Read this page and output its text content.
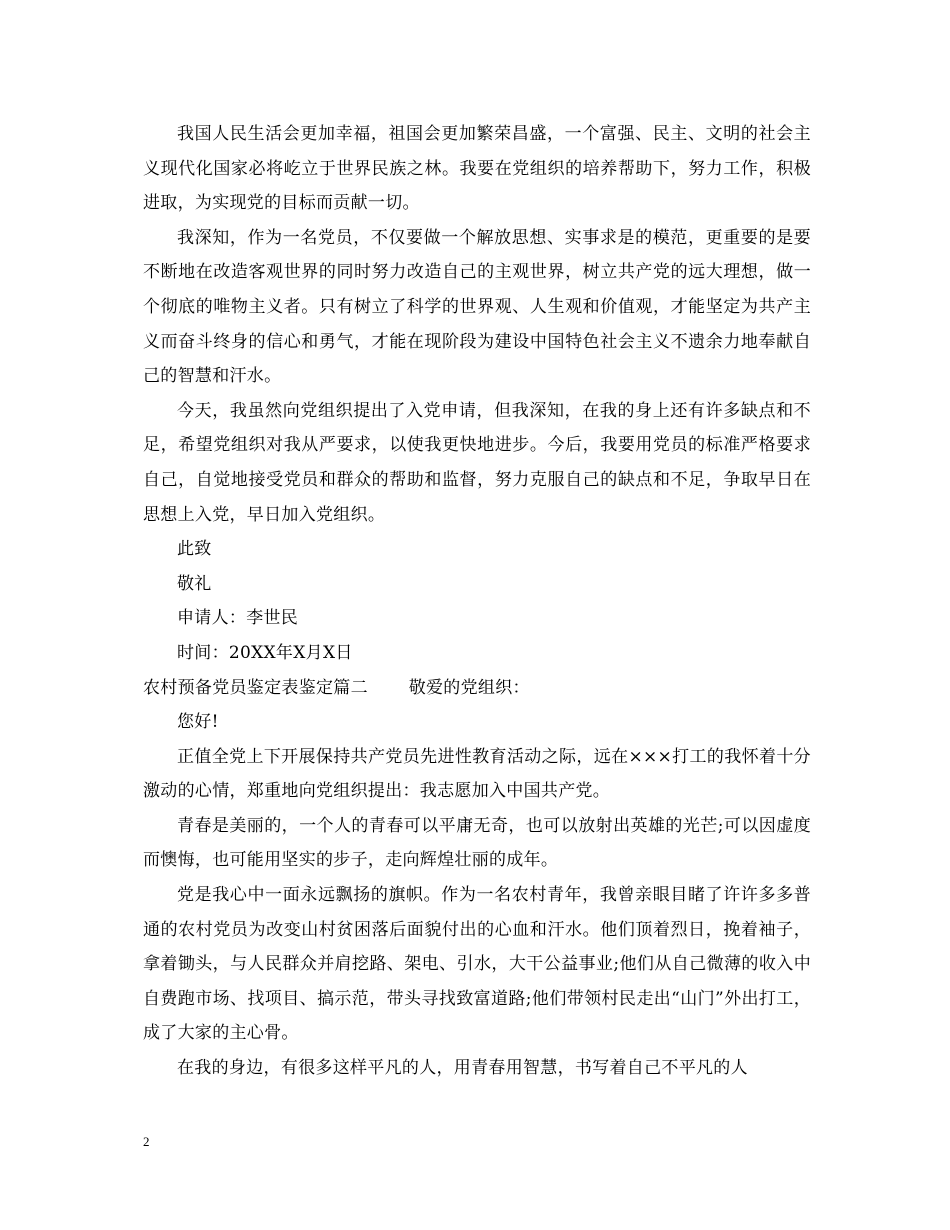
我国人民生活会更加幸福，祖国会更加繁荣昌盛，一个富强、民主、文明的社会主义现代化国家必将屹立于世界民族之林。我要在党组织的培养帮助下，努力工作，积极进取，为实现党的目标而贡献一切。

我深知，作为一名党员，不仅要做一个解放思想、实事求是的模范，更重要的是要不断地在改造客观世界的同时努力改造自己的主观世界，树立共产党的远大理想，做一个彻底的唯物主义者。只有树立了科学的世界观、人生观和价值观，才能坚定为共产主义而奋斗终身的信心和勇气，才能在现阶段为建设中国特色社会主义不遗余力地奉献自己的智慧和汗水。

今天，我虽然向党组织提出了入党申请，但我深知，在我的身上还有许多缺点和不足，希望党组织对我从严要求，以使我更快地进步。今后，我要用党员的标准严格要求自己，自觉地接受党员和群众的帮助和监督，努力克服自己的缺点和不足，争取早日在思想上入党，早日加入党组织。

此致

敬礼

申请人：李世民

时间：20XX年X月X日

农村预备党员鉴定表鉴定篇二 敬爱的党组织：

您好!

正值全党上下开展保持共产党员先进性教育活动之际，远在×××打工的我怀着十分激动的心情，郑重地向党组织提出：我志愿加入中国共产党。

青春是美丽的，一个人的青春可以平庸无奇，也可以放射出英雄的光芒;可以因虚度而懊悔，也可能用坚实的步子，走向辉煌壮丽的成年。

党是我心中一面永远飘扬的旗帜。作为一名农村青年，我曾亲眼目睹了许许多多普通的农村党员为改变山村贫困落后面貌付出的心血和汗水。他们顶着烈日，挽着袖子，拿着锄头，与人民群众并肩挖路、架电、引水，大干公益事业;他们从自己微薄的收入中自费跑市场、找项目、搞示范，带头寻找致富道路;他们带领村民走出“山门”外出打工，成了大家的主心骨。

在我的身边，有很多这样平凡的人，用青春用智慧，书写着自己不平凡的人

2
